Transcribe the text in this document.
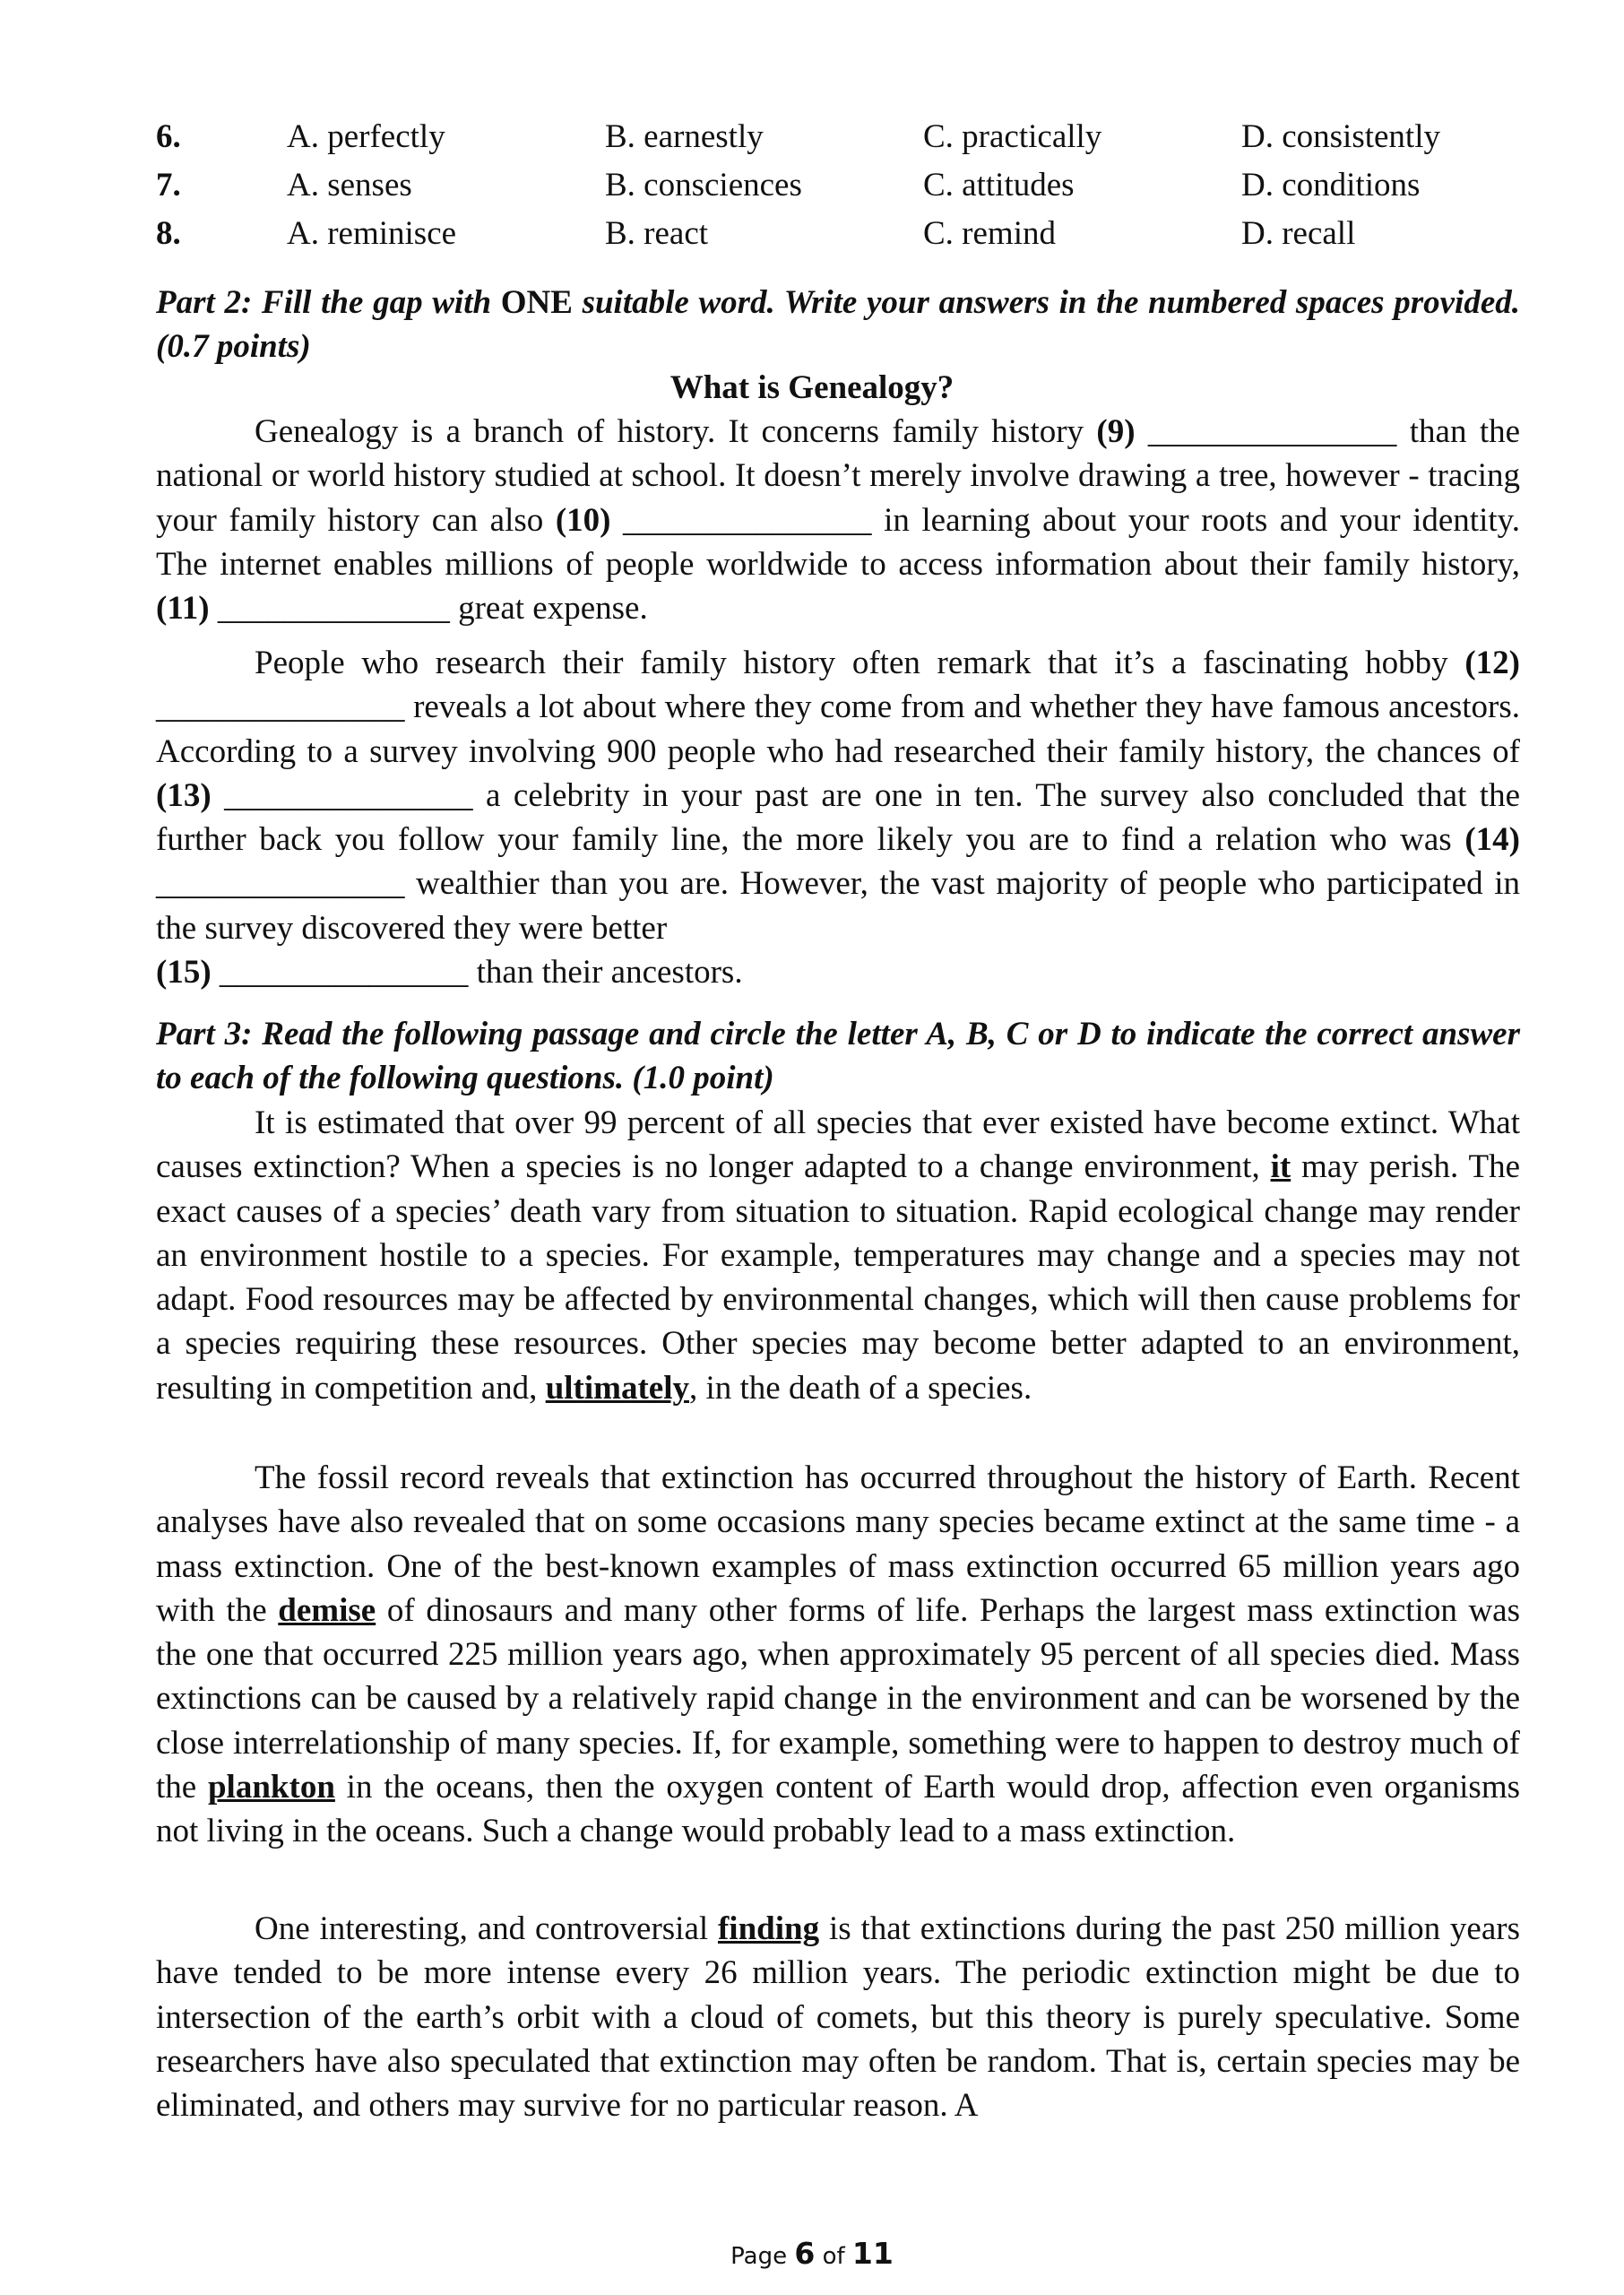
6.	A. perfectly	B. earnestly	C. practically	D. consistently
7.	A. senses	B. consciences	C. attitudes	D. conditions
8.	A. reminisce	B. react	C. remind	D. recall
Part 2: Fill the gap with ONE suitable word. Write your answers in the numbered spaces provided. (0.7 points)
What is Genealogy?
Genealogy is a branch of history. It concerns family history (9) _______________ than the national or world history studied at school. It doesn’t merely involve drawing a tree, however - tracing your family history can also (10) _______________ in learning about your roots and your identity. The internet enables millions of people worldwide to access information about their family history, (11) ______________ great expense.
People who research their family history often remark that it’s a fascinating hobby (12) _______________ reveals a lot about where they come from and whether they have famous ancestors. According to a survey involving 900 people who had researched their family history, the chances of (13) _______________ a celebrity in your past are one in ten. The survey also concluded that the further back you follow your family line, the more likely you are to find a relation who was (14) _______________ wealthier than you are. However, the vast majority of people who participated in the survey discovered they were better
(15) _______________ than their ancestors.
Part 3: Read the following passage and circle the letter A, B, C or D to indicate the correct answer to each of the following questions. (1.0 point)
It is estimated that over 99 percent of all species that ever existed have become extinct. What causes extinction? When a species is no longer adapted to a change environment, it may perish. The exact causes of a species’ death vary from situation to situation. Rapid ecological change may render an environment hostile to a species. For example, temperatures may change and a species may not adapt. Food resources may be affected by environmental changes, which will then cause problems for a species requiring these resources. Other species may become better adapted to an environment, resulting in competition and, ultimately, in the death of a species.
The fossil record reveals that extinction has occurred throughout the history of Earth. Recent analyses have also revealed that on some occasions many species became extinct at the same time - a mass extinction. One of the best-known examples of mass extinction occurred 65 million years ago with the demise of dinosaurs and many other forms of life. Perhaps the largest mass extinction was the one that occurred 225 million years ago, when approximately 95 percent of all species died. Mass extinctions can be caused by a relatively rapid change in the environment and can be worsened by the close interrelationship of many species. If, for example, something were to happen to destroy much of the plankton in the oceans, then the oxygen content of Earth would drop, affection even organisms not living in the oceans. Such a change would probably lead to a mass extinction.
One interesting, and controversial finding is that extinctions during the past 250 million years have tended to be more intense every 26 million years. The periodic extinction might be due to intersection of the earth’s orbit with a cloud of comets, but this theory is purely speculative. Some researchers have also speculated that extinction may often be random. That is, certain species may be eliminated, and others may survive for no particular reason. A
Page 6 of 11
